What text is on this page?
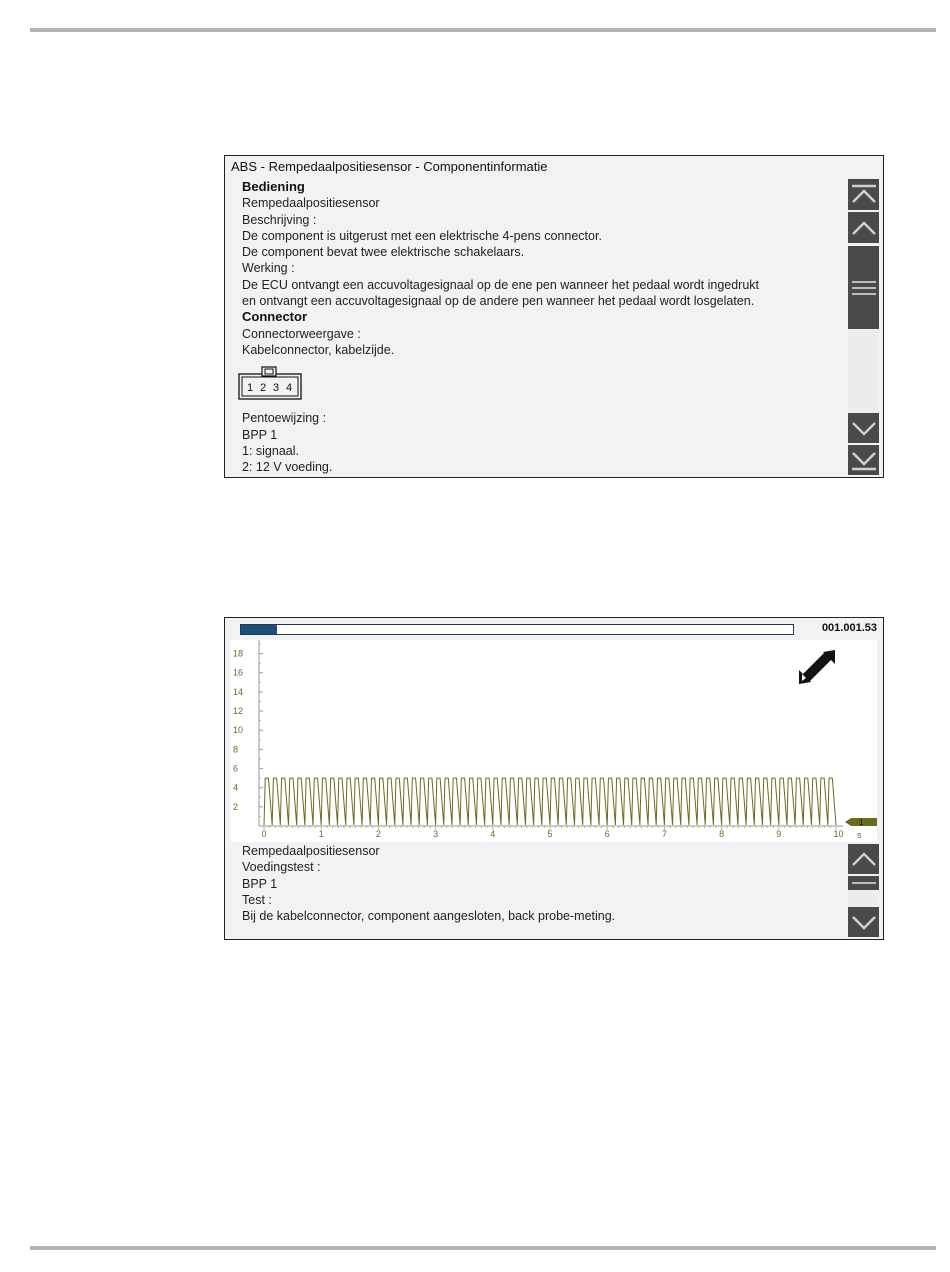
ABS - Rempedaalpositiesensor - Componentinformatie
Bediening
Rempedaalpositiesensor
Beschrijving :
De component is uitgerust met een elektrische 4-pens connector.
De component bevat twee elektrische schakelaars.
Werking :
De ECU ontvangt een accuvoltagesignaal op de ene pen wanneer het pedaal wordt ingedrukt
en ontvangt een accuvoltagesignaal op de andere pen wanneer het pedaal wordt losgelaten.
Connector
Connectorweergave :
Kabelconnector, kabelzijde.
1 2 3 4
Pentoewijzing :
BPP 1
1: signaal.
2: 12 V voeding.
001.001.53
2
4
6
8
10
12
14
16
18
0	1	2	3	4	5	6	7	8	9	10 s
1
Rempedaalpositiesensor
Voedingstest :
BPP 1
Test :
Bij de kabelconnector, component aangesloten, back probe-meting.
